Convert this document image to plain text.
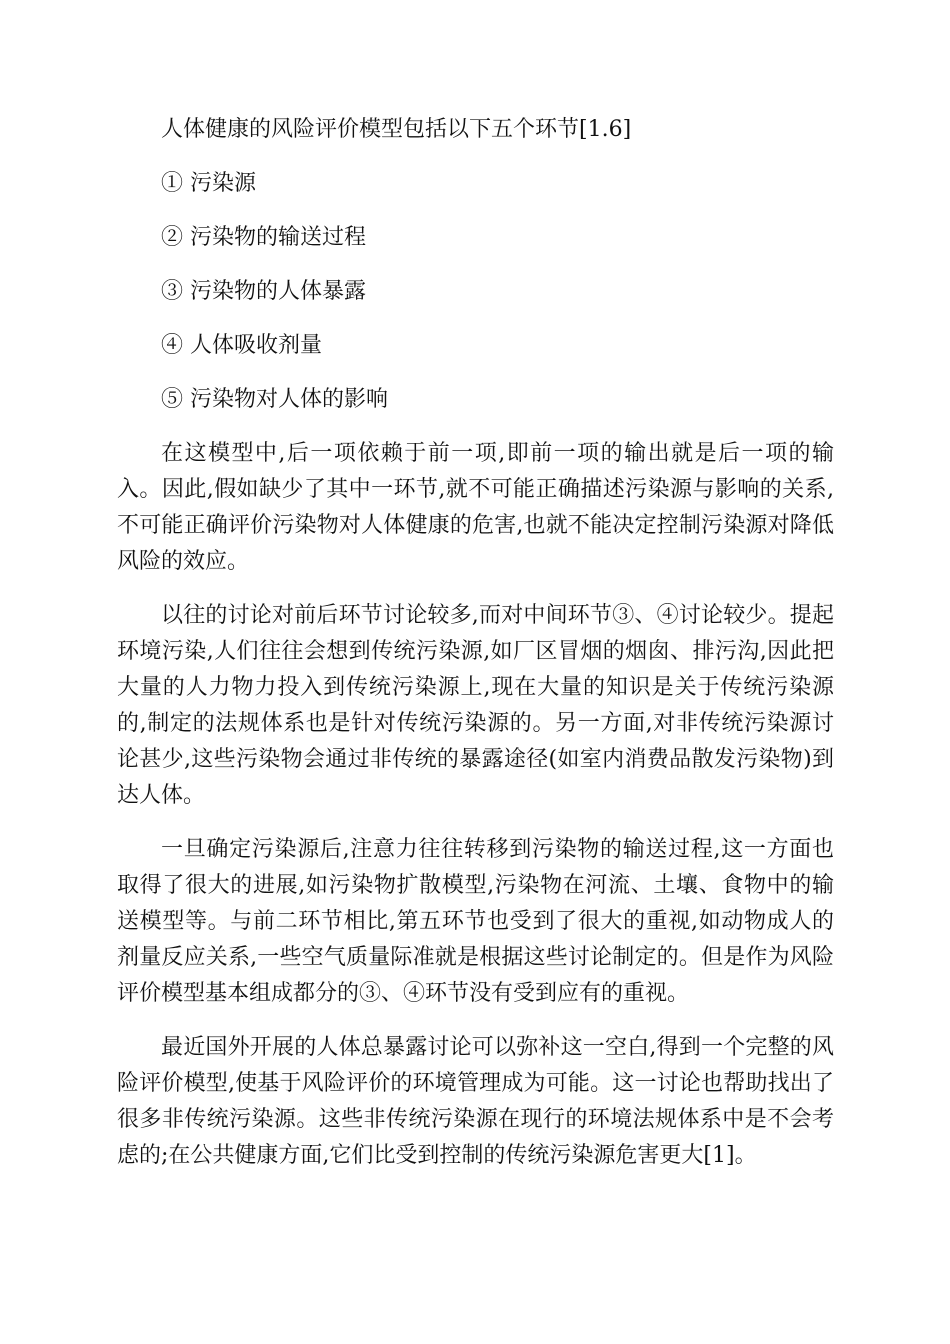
人体健康的风险评价模型包括以下五个环节[1.6]

① 污染源

② 污染物的输送过程

③ 污染物的人体暴露

④ 人体吸收剂量

⑤ 污染物对人体的影响

在这模型中,后一项依赖于前一项,即前一项的输出就是后一项的输入。因此,假如缺少了其中一环节,就不可能正确描述污染源与影响的关系,不可能正确评价污染物对人体健康的危害,也就不能决定控制污染源对降低风险的效应。

以往的讨论对前后环节讨论较多,而对中间环节③、④讨论较少。提起环境污染,人们往往会想到传统污染源,如厂区冒烟的烟囱、排污沟,因此把大量的人力物力投入到传统污染源上,现在大量的知识是关于传统污染源的,制定的法规体系也是针对传统污染源的。另一方面,对非传统污染源讨论甚少,这些污染物会通过非传统的暴露途径(如室内消费品散发污染物)到达人体。

一旦确定污染源后,注意力往往转移到污染物的输送过程,这一方面也取得了很大的进展,如污染物扩散模型,污染物在河流、土壤、食物中的输送模型等。与前二环节相比,第五环节也受到了很大的重视,如动物成人的剂量反应关系,一些空气质量际准就是根据这些讨论制定的。但是作为风险评价模型基本组成都分的③、④环节没有受到应有的重视。

最近国外开展的人体总暴露讨论可以弥补这一空白,得到一个完整的风险评价模型,使基于风险评价的环境管理成为可能。这一讨论也帮助找出了很多非传统污染源。这些非传统污染源在现行的环境法规体系中是不会考虑的;在公共健康方面,它们比受到控制的传统污染源危害更大[1]。
